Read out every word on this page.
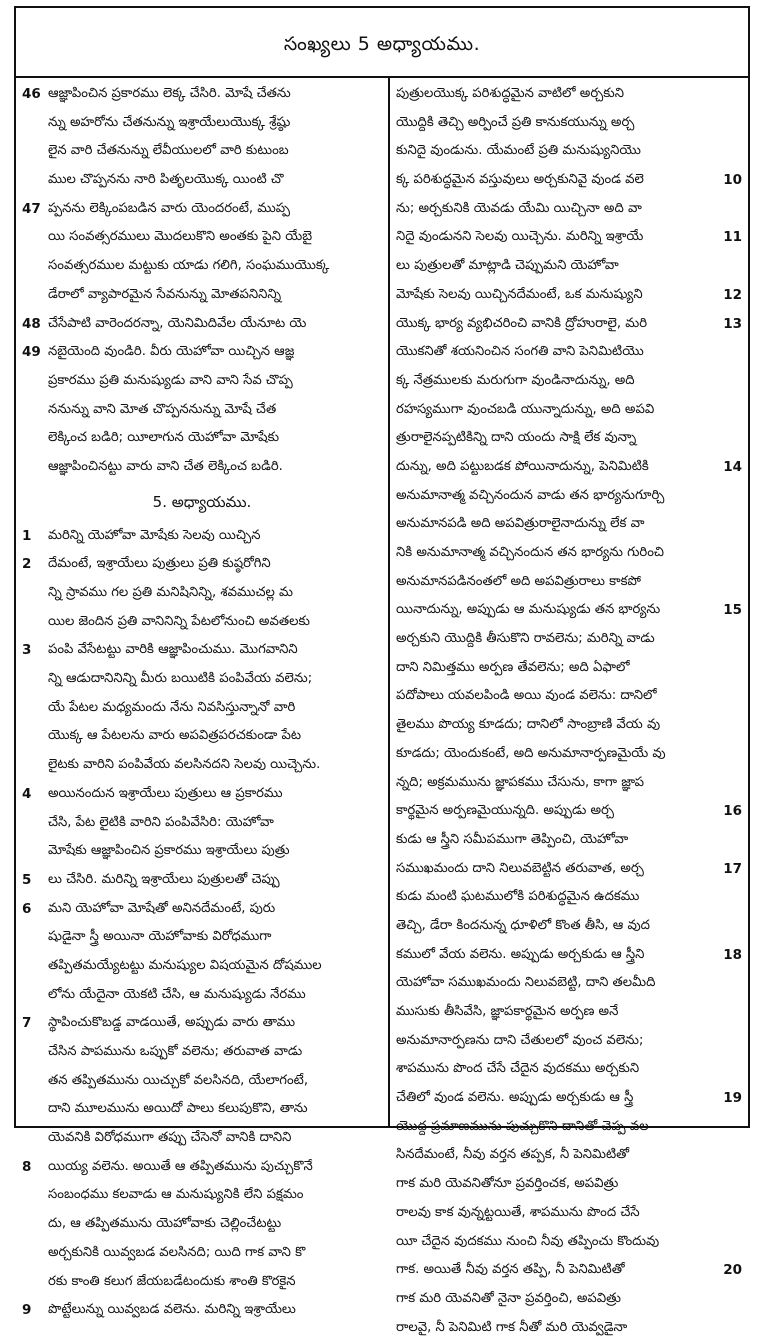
సంఖ్యలు 5 అధ్యాయము.
46 ఆజ్ఞాపించిన ప్రకారము లెక్క చేసిరి. మోషే చేతను
న్ను అహరోను చేతనున్ను ఇశ్రాయేలుయొక్క శ్రేష్ఠు
లైన వారి చేతనున్ను లేవీయులలో వారి కుటుంబ
ముల చొప్పనను నారి పితృలయొక్క యింటి చొ
47 ప్పనను లెక్కింపబడిన వారు యెందరంటే, ముప్ప
యి సంవత్సరములు మొదలుకొని అంతకు పైని యేబై
సంవత్సరముల మట్టుకు యాడు గలిగి, సంఘముయొక్క
డేరాలో వ్యాపారమైన సేవనున్ను మోతపనినిన్ని
48 చేసేపాటి వారెందరన్నా, యెనిమిదివేల యేనూట యె
49 నబైయెంది వుండిరి. వీరు యెహోవా యిచ్చిన ఆజ్ఞ
ప్రకారము ప్రతి మనుష్యుడు వాని వాని సేవ చొప్ప
ననున్ను వాని మోత చొప్పననున్ను మోషే చేత
లెక్కించ బడిరి; యీలాగున యెహోవా మోషేకు
ఆజ్ఞాపించినట్టు వారు వాని చేత లెక్కించ బడిరి.
5. అధ్యాయము.
1 మరిన్ని యెహోవా మోషేకు సెలవు యిచ్చిన
2 దేమంటే, ఇశ్రాయేలు పుత్రులు ప్రతి కుష్ఠరోగిని
న్ని స్రావము గల ప్రతి మనిషినిన్ని, శవముచల్ల మ
యిల జెందిన ప్రతి వానినిన్ని పేటలోనుంచి అవతలకు
3 పంపి వేసేటట్టు వారికి ఆజ్ఞాపించుము. మొగవానిని
న్ని ఆడుదానినిన్ని మీరు బయిటికి పంపివేయ వలెను;
యే పేటల మధ్యమందు నేను నివసిస్తున్నానో వారి
యొక్క ఆ పేటలను వారు అపవిత్రపరచకుండా పేట
లైటకు వారిని పంపివేయ వలసినదని సెలవు యిచ్చెను.
4 అయినందున ఇశ్రాయేలు పుత్రులు ఆ ప్రకారము
చేసి, పేట లైటికి వారిని పంపివేసిరి: యెహోవా
మోషేకు ఆజ్ఞాపించిన ప్రకారము ఇశ్రాయేలు పుత్రు
5 లు చేసిరి. మరిన్ని ఇశ్రాయేలు పుత్రులతో చెప్పు
6 మని యెహోవా మోషేతో అనినదేమంటే, పురు
షుడైనా స్త్రీ అయినా యెహోవాకు విరోధముగా
తప్పితమయ్యేటట్టు మనుష్యుల విషయమైన దోషముల
లోను యేదైనా యెకటి చేసి, ఆ మనుష్యుడు నేరము
7 స్థాపించుకొబడ్డ వాడయితే, అప్పుడు వారు తాము
చేసిన పాపమును ఒప్పుకో వలెను; తరువాత వాడు
తన తప్పితమును యిచ్చుకో వలసినది, యేలాగంటే,
దాని మూలమును అయిదో పాలు కలుపుకొని, తాను
యెవనికి విరోధముగా తప్పు చేసెనో వానికి దానిని
8 యియ్య వలెను. అయితే ఆ తప్పితమును పుచ్చుకొనే
సంబంధము కలవాడు ఆ మనుష్యునికి లేని పక్షమం
దు, ఆ తప్పితమును యెహోవాకు చెల్లించేటట్టు
అర్చకునికి యివ్వబడ వలసినది; యిది గాక వాని కొ
రకు కాంతి కలుగ జేయబడేటందుకు శాంతి కొరకైన
9 పొట్టేలున్ను యివ్వబడ వలెను. మరిన్ని ఇశ్రాయేలు
పుత్రులయొక్క పరిశుద్ధమైన వాటిలో అర్చకుని
యొద్దికి తెచ్చి అర్పించే ప్రతి కానుకయున్ను అర్చ
కునిదై వుండును. యేమంటే ప్రతి మనుష్యునియొ
10
క్క పరిశుద్ధమైన వస్తువులు అర్చకునివై వుండ వలె
ను; అర్చకునికి యెవడు యేమి యిచ్చినా అది వా
11
నిదై వుండునని సెలవు యిచ్చెను. మరిన్ని ఇశ్రాయే
లు పుత్రులతో మాట్లాడి చెప్పుమని యెహోవా
12
మోషేకు సెలవు యిచ్చినదేమంటే, ఒక మనుష్యుని
13
యొక్క భార్య వ్యభిచరించి వానికి ద్రోహురాలై, మరి
యొకనితో శయనించిన సంగతి వాని పెనిమిటియొ
క్క నేత్రములకు మరుగుగా వుండినాదున్ను, అది
రహస్యముగా వుంచబడి యున్నాదున్ను, అది అపవి
త్రురాలైనప్పటికిన్ని దాని యందు సాక్షి లేక వున్నా
14
దున్ను, అది పట్టుబడక పోయినాదున్ను, పెనిమిటికి
అనుమానాత్మ వచ్చినందున వాడు తన భార్యనుగూర్చి
అనుమానపడి అది అపవిత్రురాలైనాదున్ను లేక వా
నికి అనుమానాత్మ వచ్చినందున తన భార్యను గురించి
అనుమానపడినంతలో అది అపవిత్రురాలు కాకపో
15
యినాదున్ను, అప్పుడు ఆ మనుష్యుడు తన భార్యను
అర్చకుని యొద్దికి తీసుకొని రావలెను; మరిన్ని వాడు
దాని నిమిత్తము అర్పణ తేవలెను; అది ఏఫాలో
పదోపాలు యవలపిండి అయి వుండ వలెను: దానిలో
తైలము పొయ్య కూడదు; దానిలో సాంబ్రాణి వేయ వు
కూడదు; యెందుకంటే, అది అనుమానార్పణమైయే వు
న్నది; అక్రమమును జ్ఞాపకము చేసును, కాగా జ్ఞాప
16
కార్థమైన అర్పణమైయున్నది. అప్పుడు అర్చ
కుడు ఆ స్త్రీని సమీపముగా తెప్పించి, యెహోవా
17
సముఖమందు దాని నిలువబెట్టిన తరువాత, అర్చ
కుడు మంటి ఘటములోకి పరిశుద్ధమైన ఉదకము
తెచ్చి, డేరా కిందనున్న ధూళిలో కొంత తీసి, ఆ వుద
18
కములో వేయ వలెను. అప్పుడు అర్చకుడు ఆ స్త్రీని
యెహోవా సముఖమందు నిలువబెట్టి, దాని తలమీది
ముసుకు తీసివేసి, జ్ఞాపకార్థమైన అర్పణ అనే
అనుమానార్పణను దాని చేతులలో వుంచ వలెను;
శాపమును పొంద చేసే చేదైన వుదకము అర్చకుని
19
చేతిలో వుండ వలెను. అప్పుడు అర్చకుడు ఆ స్త్రీ
యొద్ద ప్రమాణమును పుచ్చుకొని దానితో చెప్ప వల
సినదేమంటే, నీవు వర్తన తప్పక, నీ పెనిమిటితో
గాక మరి యెవనితోనూ ప్రవర్తించక, అపవిత్రు
రాలవు కాక వున్నట్టయితే, శాపమును పొంద చేసే
యీ చేదైన వుదకము నుంచి నీవు తప్పించు కొందువు
20
గాక. అయితే నీవు వర్తన తప్పి, నీ పెనిమిటితో
గాక మరి యెవనితో నైనా ప్రవర్తించి, అపవిత్రు
రాలవై, నీ పెనిమిటి గాక నీతో మరి యెవ్వడైనా
